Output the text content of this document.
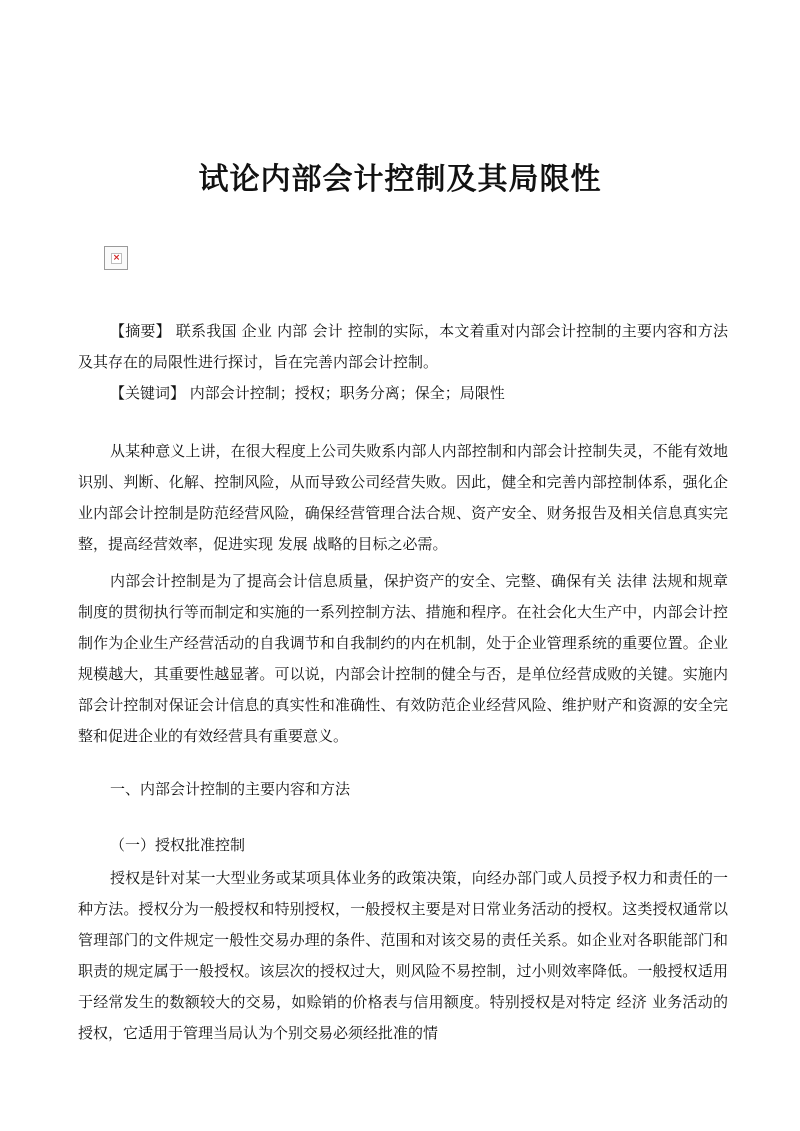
试论内部会计控制及其局限性
×

【摘要】 联系我国 企业 内部 会计 控制的实际，本文着重对内部会计控制的主要内容和方法及其存在的局限性进行探讨，旨在完善内部会计控制。

【关键词】 内部会计控制；授权；职务分离；保全；局限性

从某种意义上讲，在很大程度上公司失败系内部人内部控制和内部会计控制失灵，不能有效地识别、判断、化解、控制风险，从而导致公司经营失败。因此，健全和完善内部控制体系，强化企业内部会计控制是防范经营风险，确保经营管理合法合规、资产安全、财务报告及相关信息真实完整，提高经营效率，促进实现 发展 战略的目标之必需。

内部会计控制是为了提高会计信息质量，保护资产的安全、完整、确保有关 法律 法规和规章制度的贯彻执行等而制定和实施的一系列控制方法、措施和程序。在社会化大生产中，内部会计控制作为企业生产经营活动的自我调节和自我制约的内在机制，处于企业管理系统的重要位置。企业规模越大，其重要性越显著。可以说，内部会计控制的健全与否，是单位经营成败的关键。实施内部会计控制对保证会计信息的真实性和准确性、有效防范企业经营风险、维护财产和资源的安全完整和促进企业的有效经营具有重要意义。

一、内部会计控制的主要内容和方法

（一）授权批准控制

授权是针对某一大型业务或某项具体业务的政策决策，向经办部门或人员授予权力和责任的一种方法。授权分为一般授权和特别授权，一般授权主要是对日常业务活动的授权。这类授权通常以管理部门的文件规定一般性交易办理的条件、范围和对该交易的责任关系。如企业对各职能部门和职责的规定属于一般授权。该层次的授权过大，则风险不易控制，过小则效率降低。一般授权适用于经常发生的数额较大的交易，如赊销的价格表与信用额度。特别授权是对特定 经济 业务活动的授权，它适用于管理当局认为个别交易必须经批准的情
